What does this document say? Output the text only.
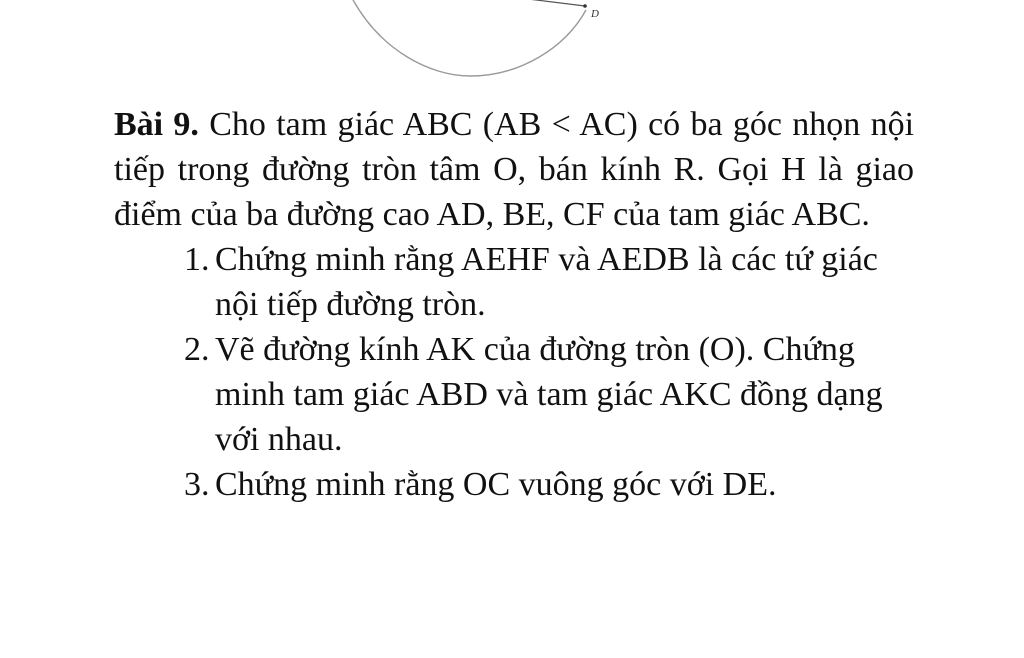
D

Bài 9. Cho tam giác ABC (AB < AC) có ba góc nhọn nội tiếp trong đường tròn tâm O, bán kính R. Gọi H là giao điểm của ba đường cao AD, BE, CF của tam giác ABC.

1. Chứng minh rằng AEHF và AEDB là các tứ giác nội tiếp đường tròn.
2. Vẽ đường kính AK của đường tròn (O). Chứng minh tam giác ABD và tam giác AKC đồng dạng với nhau.
3. Chứng minh rằng OC vuông góc với DE.
